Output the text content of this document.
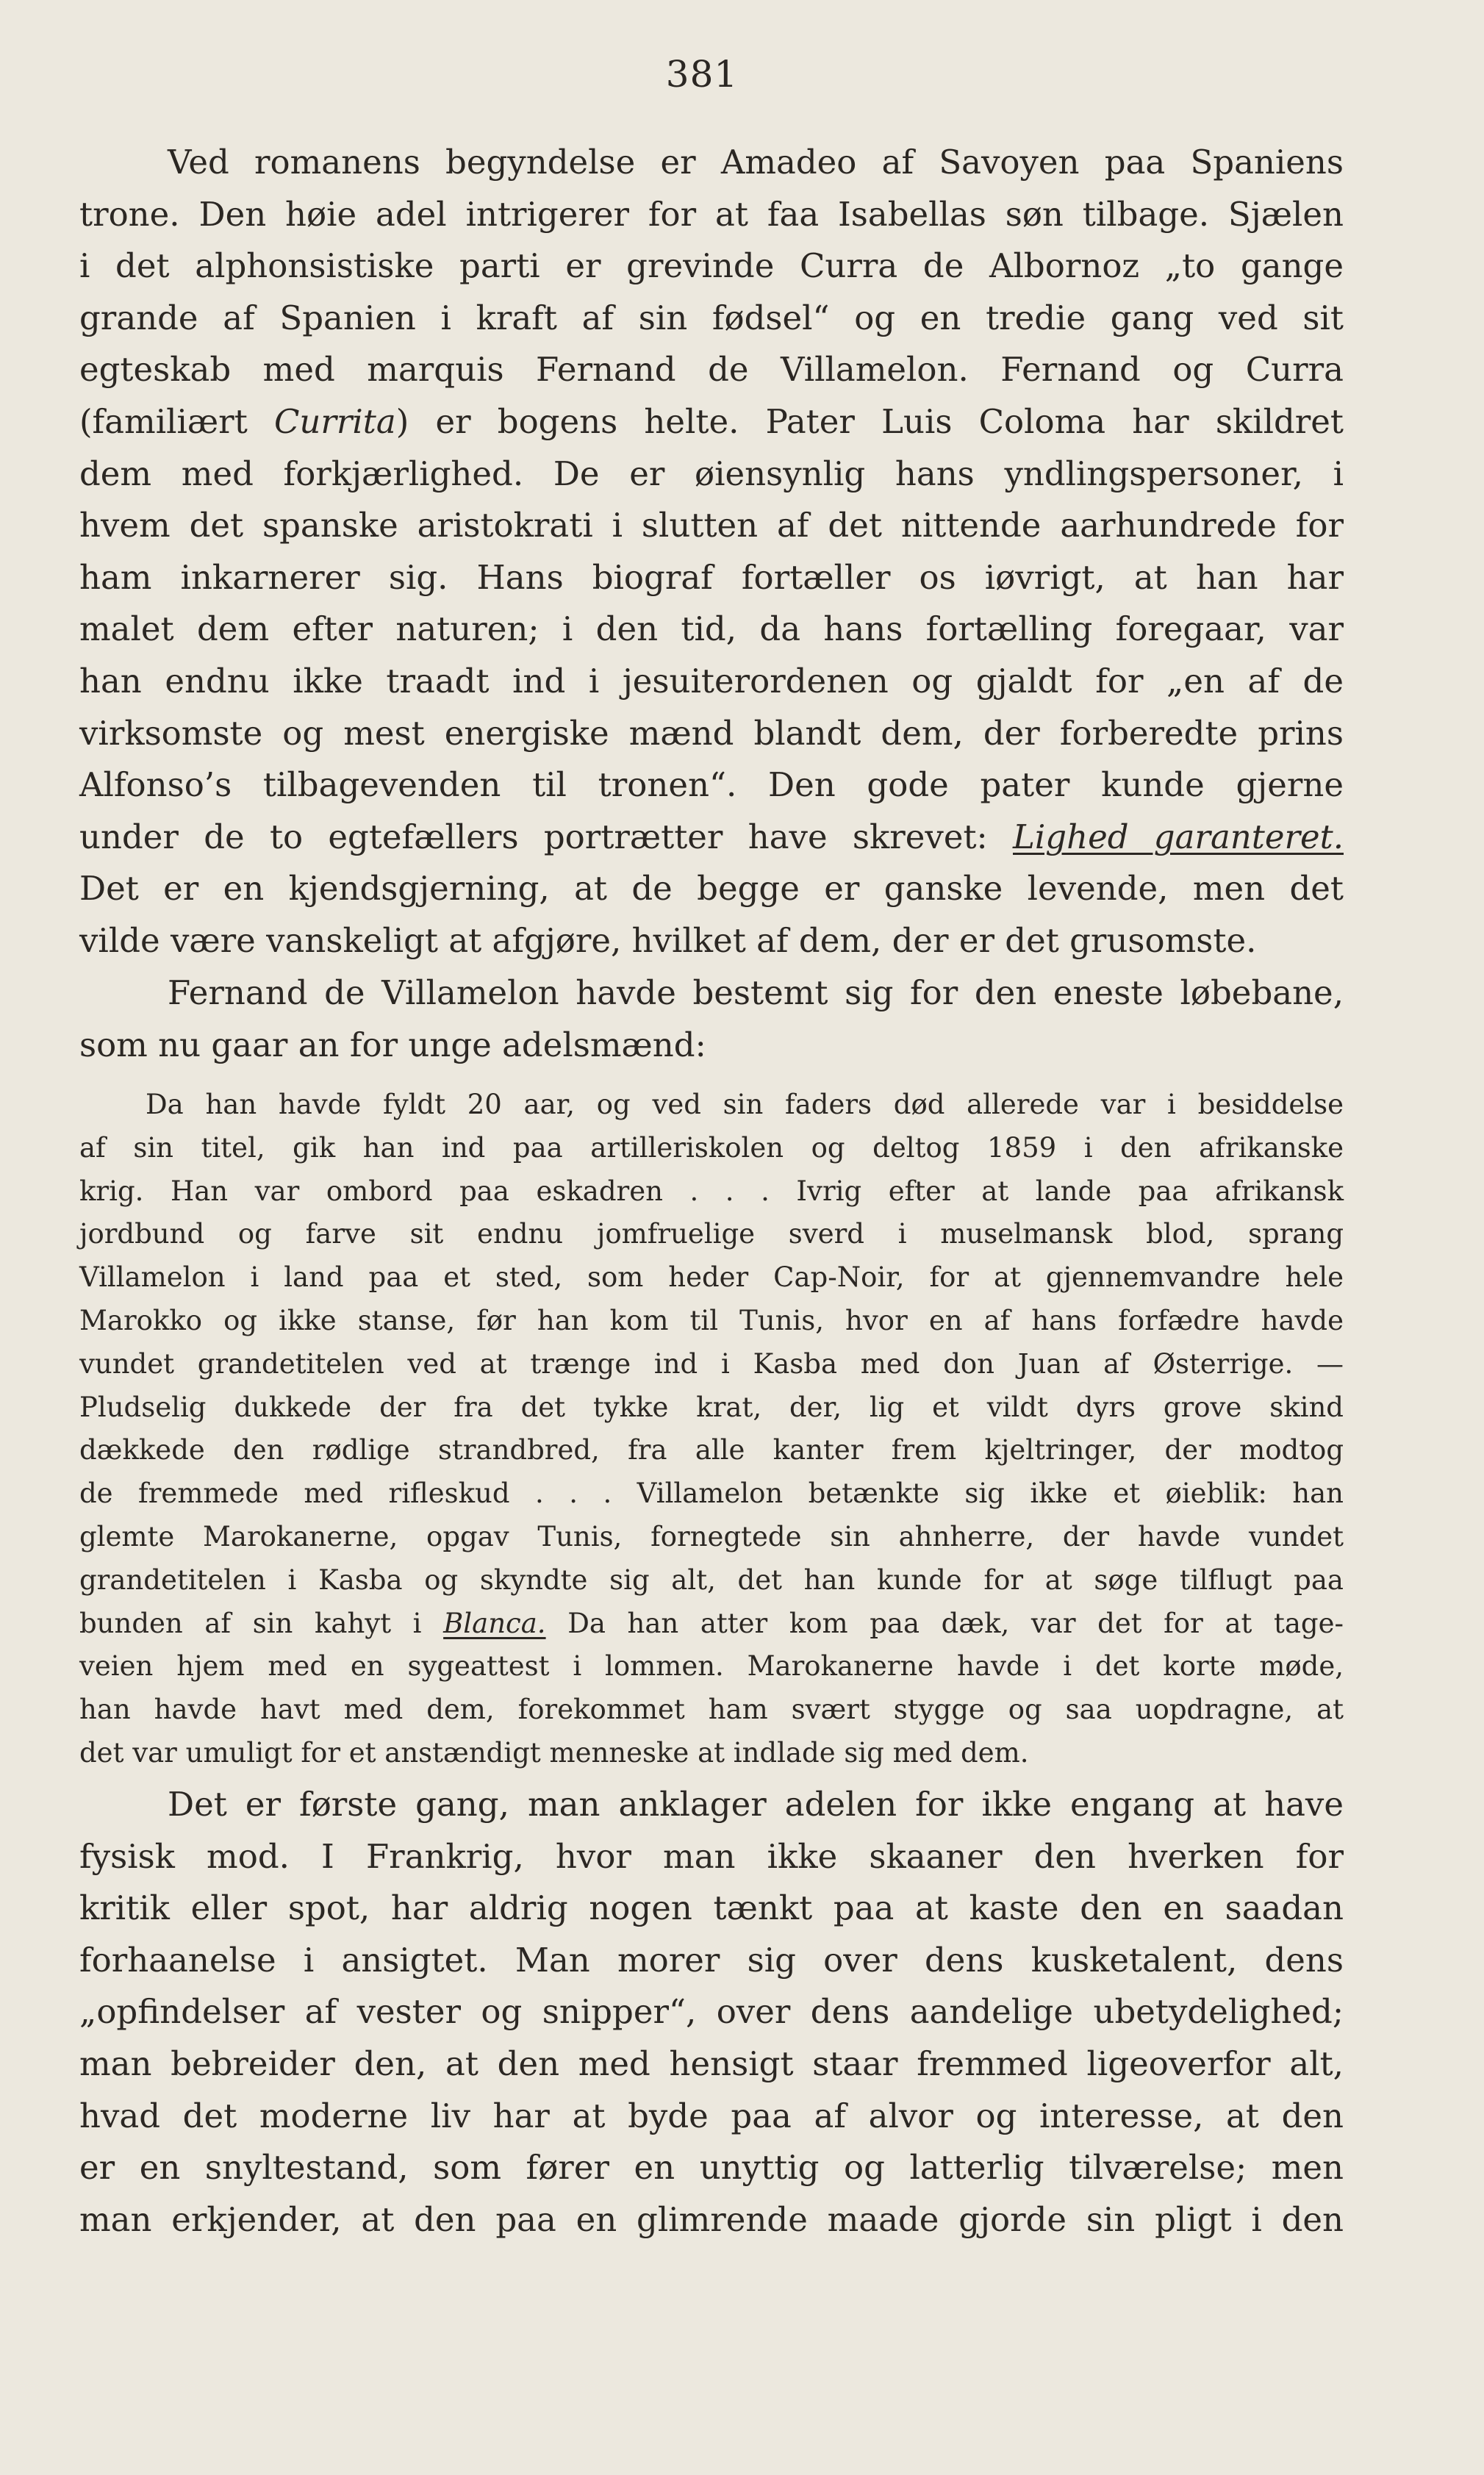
381
Ved romanens begyndelse er Amadeo af Savoyen paa Spaniens
trone. Den høie adel intrigerer for at faa Isabellas søn tilbage. Sjælen
i det alphonsistiske parti er grevinde Curra de Albornoz „to gange
grande af Spanien i kraft af sin fødsel“ og en tredie gang ved sit
egteskab med marquis Fernand de Villamelon. Fernand og Curra
(familiært Currita) er bogens helte. Pater Luis Coloma har skildret
dem med forkjærlighed. De er øiensynlig hans yndlingspersoner, i
hvem det spanske aristokrati i slutten af det nittende aarhundrede for
ham inkarnerer sig. Hans biograf fortæller os iøvrigt, at han har
malet dem efter naturen; i den tid, da hans fortælling foregaar, var
han endnu ikke traadt ind i jesuiterordenen og gjaldt for „en af de
virksomste og mest energiske mænd blandt dem, der forberedte prins
Alfonso’s tilbagevenden til tronen“. Den gode pater kunde gjerne
under de to egtefællers portrætter have skrevet: Lighed garanteret.
Det er en kjendsgjerning, at de begge er ganske levende, men det
vilde være vanskeligt at afgjøre, hvilket af dem, der er det grusomste.
Fernand de Villamelon havde bestemt sig for den eneste løbebane,
som nu gaar an for unge adelsmænd:
Da han havde fyldt 20 aar, og ved sin faders død allerede var i besiddelse
af sin titel, gik han ind paa artilleriskolen og deltog 1859 i den afrikanske
krig. Han var ombord paa eskadren . . . Ivrig efter at lande paa afrikansk
jordbund og farve sit endnu jomfruelige sverd i muselmansk blod, sprang
Villamelon i land paa et sted, som heder Cap-Noir, for at gjennemvandre hele
Marokko og ikke stanse, før han kom til Tunis, hvor en af hans forfædre havde
vundet grandetitelen ved at trænge ind i Kasba med don Juan af Østerrige. —
Pludselig dukkede der fra det tykke krat, der, lig et vildt dyrs grove skind
dækkede den rødlige strandbred, fra alle kanter frem kjeltringer, der modtog
de fremmede med rifleskud . . . Villamelon betænkte sig ikke et øieblik: han
glemte Marokanerne, opgav Tunis, fornegtede sin ahnherre, der havde vundet
grandetitelen i Kasba og skyndte sig alt, det han kunde for at søge tilflugt paa
bunden af sin kahyt i Blanca. Da han atter kom paa dæk, var det for at tage-
veien hjem med en sygeattest i lommen. Marokanerne havde i det korte møde,
han havde havt med dem, forekommet ham svært stygge og saa uopdragne, at
det var umuligt for et anstændigt menneske at indlade sig med dem.
Det er første gang, man anklager adelen for ikke engang at have
fysisk mod. I Frankrig, hvor man ikke skaaner den hverken for
kritik eller spot, har aldrig nogen tænkt paa at kaste den en saadan
forhaanelse i ansigtet. Man morer sig over dens kusketalent, dens
„opfindelser af vester og snipper“, over dens aandelige ubetydelighed;
man bebreider den, at den med hensigt staar fremmed ligeoverfor alt,
hvad det moderne liv har at byde paa af alvor og interesse, at den
er en snyltestand, som fører en unyttig og latterlig tilværelse; men
man erkjender, at den paa en glimrende maade gjorde sin pligt i den
